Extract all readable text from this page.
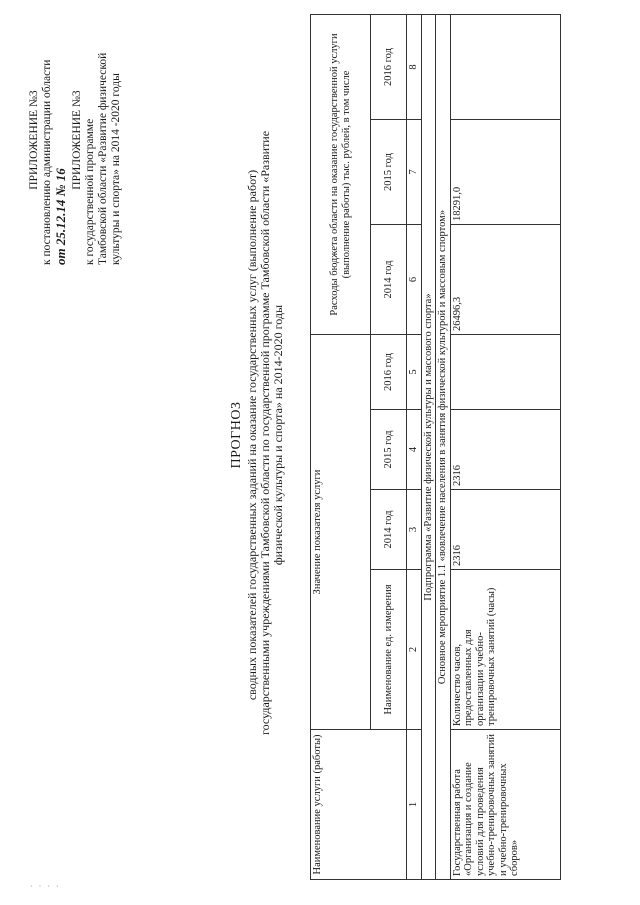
ПРИЛОЖЕНИЕ №3 к постановлению администрации области от 25.12.14 № 16
ПРИЛОЖЕНИЕ №3 к государственной программе Тамбовской области «Развитие физической культуры и спорта» на 2014 -2020 годы
ПРОГНОЗ сводных показателей государственных заданий на оказание государственных услуг (выполнение работ) государственными учреждениями Тамбовской области по государственной программе Тамбовской области «Развитие физической культуры и спорта» на 2014-2020 годы
Наименование услуги (работы)	Значение показателя услуги				Расходы бюджета области на оказание государственной услуги (выполнение работы) тыс. рублей, в том числе		
	Наименование ед. измерения	2014 год	2015 год	2016 год	2014 год	2015 год	2016 год
1	2	3	4	5	6	7	8
Подпрограмма «Развитие физической культуры и массового спорта»							
Основное мероприятие 1.1 «вовлечение населения в занятия физической культурой и массовым спортом»							
Государственная работа «Организация и создание условий для проведения учебно-тренировочных занятий и учебно-тренировочных сборов»	Количество часов, предоставленных для организации учебно-тренировочных занятий (часы)	2316	2316		26496,3	18291,0	
· · · ·
